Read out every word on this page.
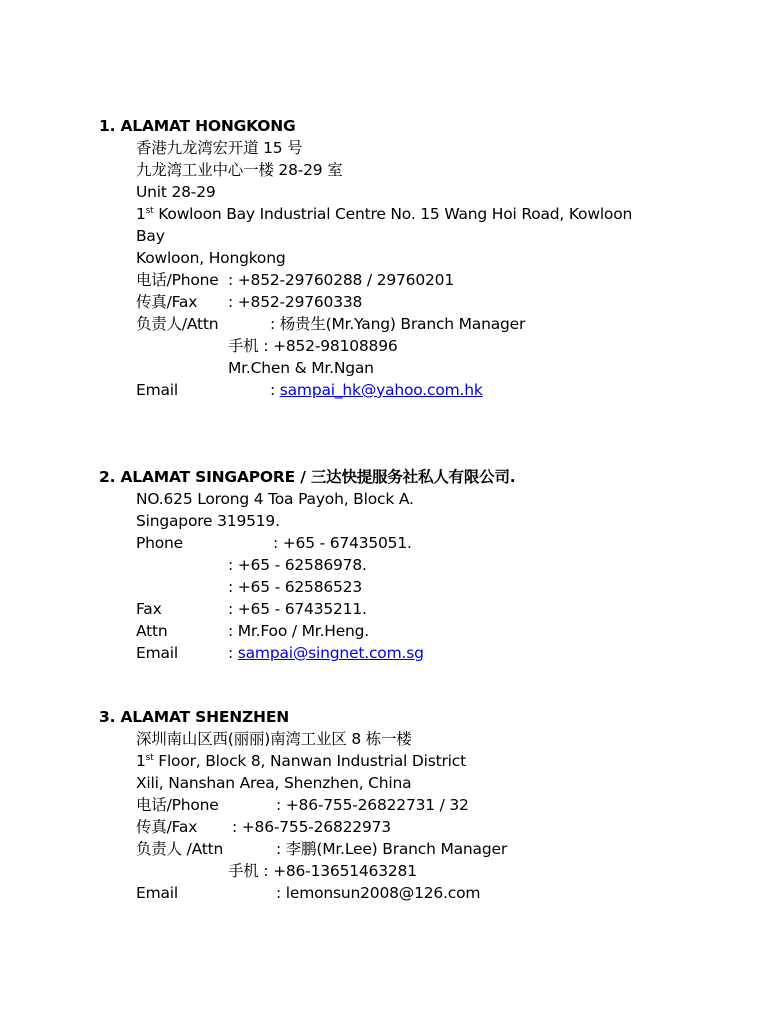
1. ALAMAT HONGKONG
香港九龙湾宏开道 15 号
九龙湾工业中心一楼 28-29 室
Unit 28-29
1st Kowloon Bay Industrial Centre No. 15 Wang Hoi Road, Kowloon
Bay
Kowloon, Hongkong
电话/Phone : +852-29760288 / 29760201
传真/Fax : +852-29760338
负责人/Attn	: 杨贵生(Mr.Yang) Branch Manager
手机 : +852-98108896
Mr.Chen & Mr.Ngan
Email	: sampai_hk@yahoo.com.hk
2. ALAMAT SINGAPORE / 三达快提服务社私人有限公司.
NO.625 Lorong 4 Toa Payoh, Block A.
Singapore 319519.
Phone	: +65 - 67435051.
: +65 - 62586978.
: +65 - 62586523
Fax	: +65 - 67435211.
Attn	: Mr.Foo / Mr.Heng.
Email	: sampai@singnet.com.sg
3. ALAMAT SHENZHEN
深圳南山区西(丽丽)南湾工业区 8 栋一楼
1st Floor, Block 8, Nanwan Industrial District
Xili, Nanshan Area, Shenzhen, China
电话/Phone	: +86-755-26822731 / 32
传真/Fax : +86-755-26822973
负责人 /Attn	: 李鹏(Mr.Lee) Branch Manager
手机 : +86-13651463281
Email	: lemonsun2008@126.com
